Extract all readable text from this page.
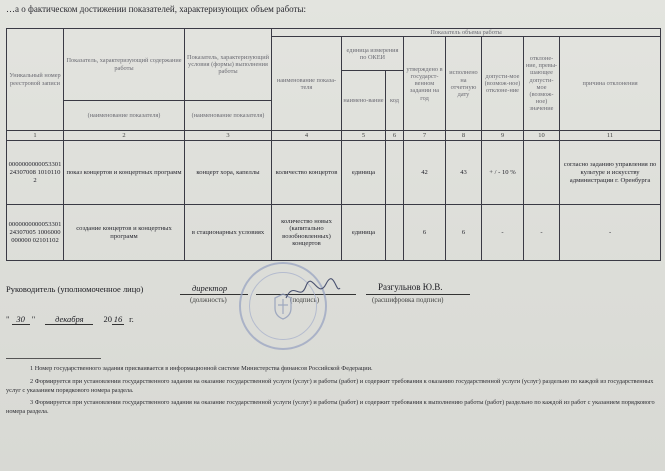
…а о фактическом достижении показателей, характеризующих объем работы:
Уникальный номер реестровой записи	Показатель, характеризующий содержание работы	Показатель, характеризующий условия (формы) выполнения работы	Показатель объема работы							
			наименование показа-теля	единица измерения по ОКЕИ		утверждено в государст-венном задании на год	исполнено на отчетную дату	допусти-мое (возмож-ное) отклоне-ние	отклоне-ние, превы-шающее допусти-мое (возмож-ное) значение	причина отклонения
				наимено-вание	код					
	(наименование показателя)	(наименование показателя)								
1	2	3	4	5	6	7	8	9	10	11
000000000005330124307008 10101102	показ концертов и концертных программ	концерт хора, капеллы	количество концертов	единица		42	43	+ / - 10 %		согласно заданию управления по культуре и искусству администрации г. Оренбурга
000000000005330124307005 1006000000000 02101102	создание концертов и концертных программ	в стационарных условиях	количество новых (капитально возобновленных) концертов	единица		6	6	-	-	-
Руководитель (уполномоченное лицо)	директор	Разгульнов Ю.В.
(должность)	(подпись)	(расшифровка подписи)
" 30 " декабря 20 16 г.
1 Номер государственного задания присваивается в информационной системе Министерства финансов Российской Федерации.
2 Формируется при установлении государственного задания на оказание государственной услуги (услуг) и работы (работ) и содержит требования к оказанию государственной услуги (услуг) раздельно по каждой из государственных услуг с указанием порядкового номера раздела.
3 Формируется при установлении государственного задания на оказание государственной услуги (услуг) и работы (работ) и содержит требования к выполнению работы (работ) раздельно по каждой из работ с указанием порядкового номера раздела.
